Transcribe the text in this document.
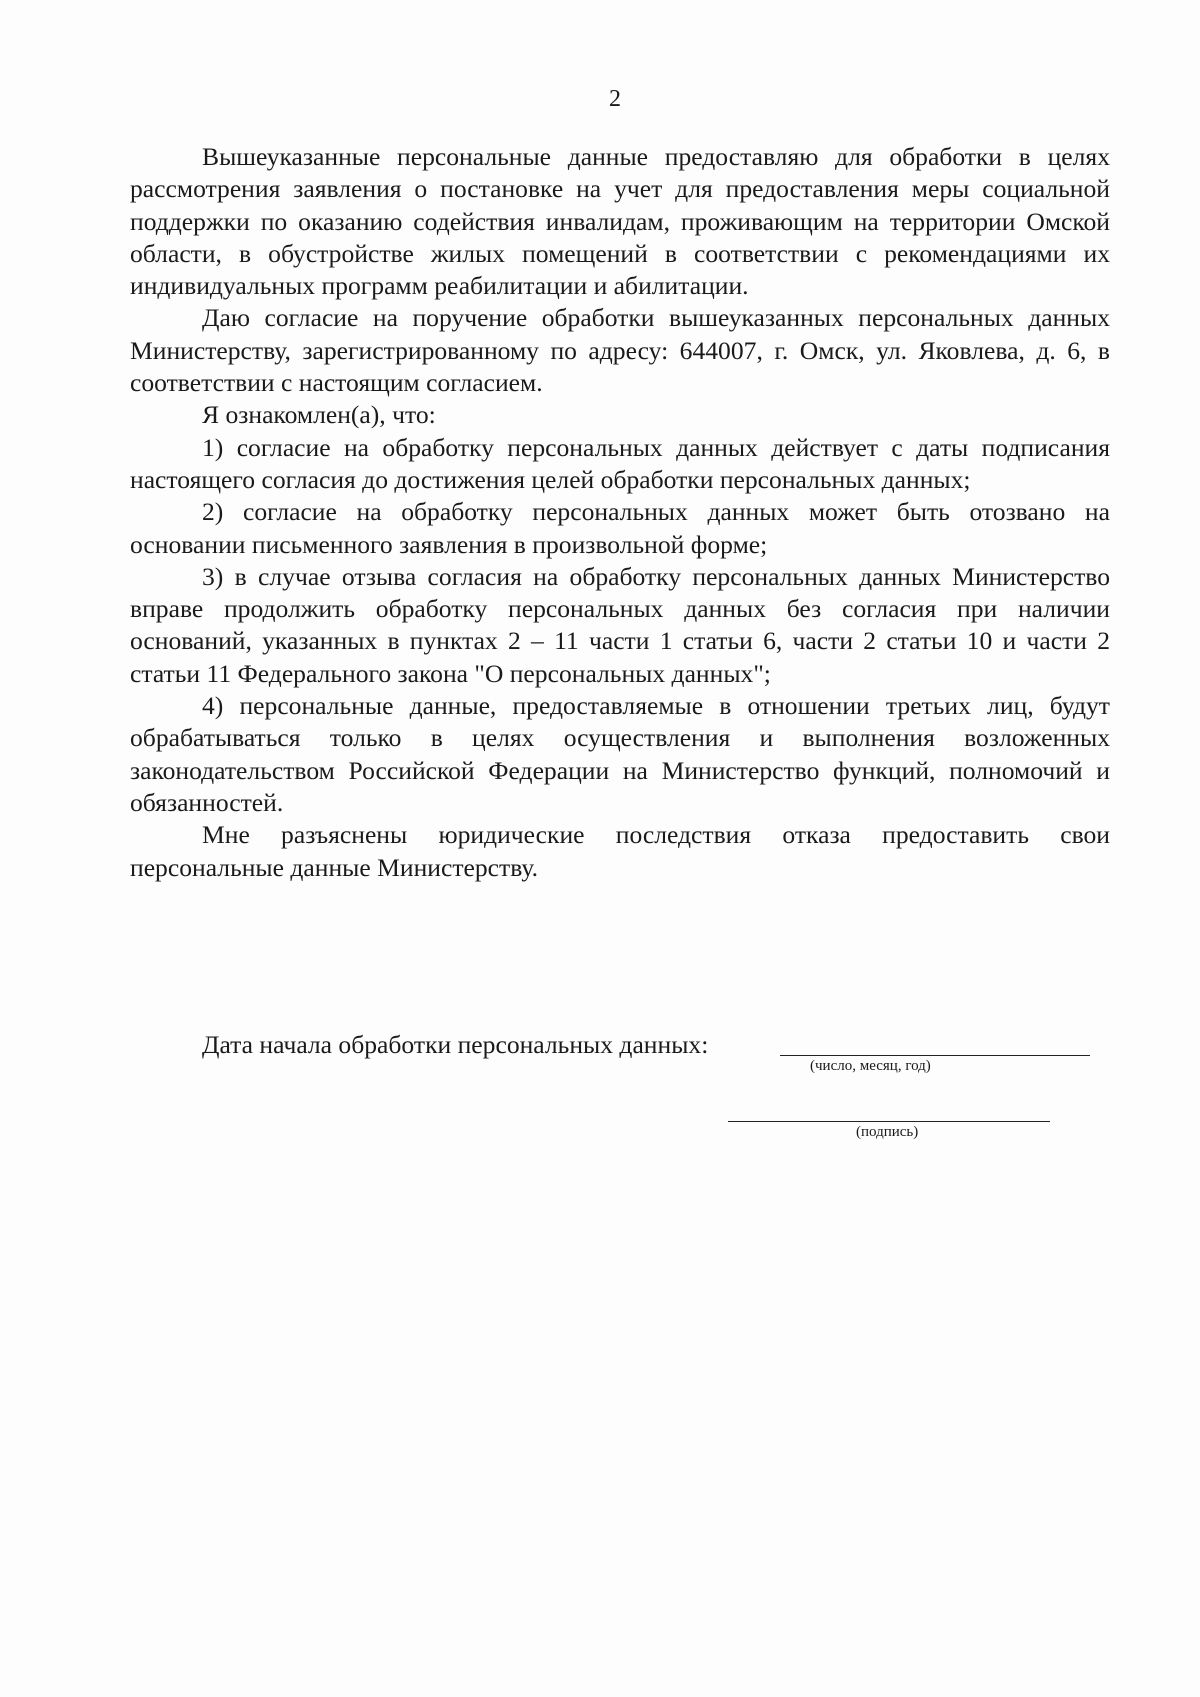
2

Вышеуказанные персональные данные предоставляю для обработки в целях рассмотрения заявления о постановке на учет для предоставления меры социальной поддержки по оказанию содействия инвалидам, проживающим на территории Омской области, в обустройстве жилых помещений в соответствии с рекомендациями их индивидуальных программ реабилитации и абилитации.

Даю согласие на поручение обработки вышеуказанных персональных данных Министерству, зарегистрированному по адресу: 644007, г. Омск, ул. Яковлева, д. 6, в соответствии с настоящим согласием.

Я ознакомлен(а), что:

1) согласие на обработку персональных данных действует с даты подписания настоящего согласия до достижения целей обработки персональных данных;

2) согласие на обработку персональных данных может быть отозвано на основании письменного заявления в произвольной форме;

3) в случае отзыва согласия на обработку персональных данных Министерство вправе продолжить обработку персональных данных без согласия при наличии оснований, указанных в пунктах 2 – 11 части 1 статьи 6, части 2 статьи 10 и части 2 статьи 11 Федерального закона "О персональных данных";

4) персональные данные, предоставляемые в отношении третьих лиц, будут обрабатываться только в целях осуществления и выполнения возложенных законодательством Российской Федерации на Министерство функций, полномочий и обязанностей.

Мне разъяснены юридические последствия отказа предоставить свои персональные данные Министерству.

Дата начала обработки персональных данных:
(число, месяц, год)
(подпись)
